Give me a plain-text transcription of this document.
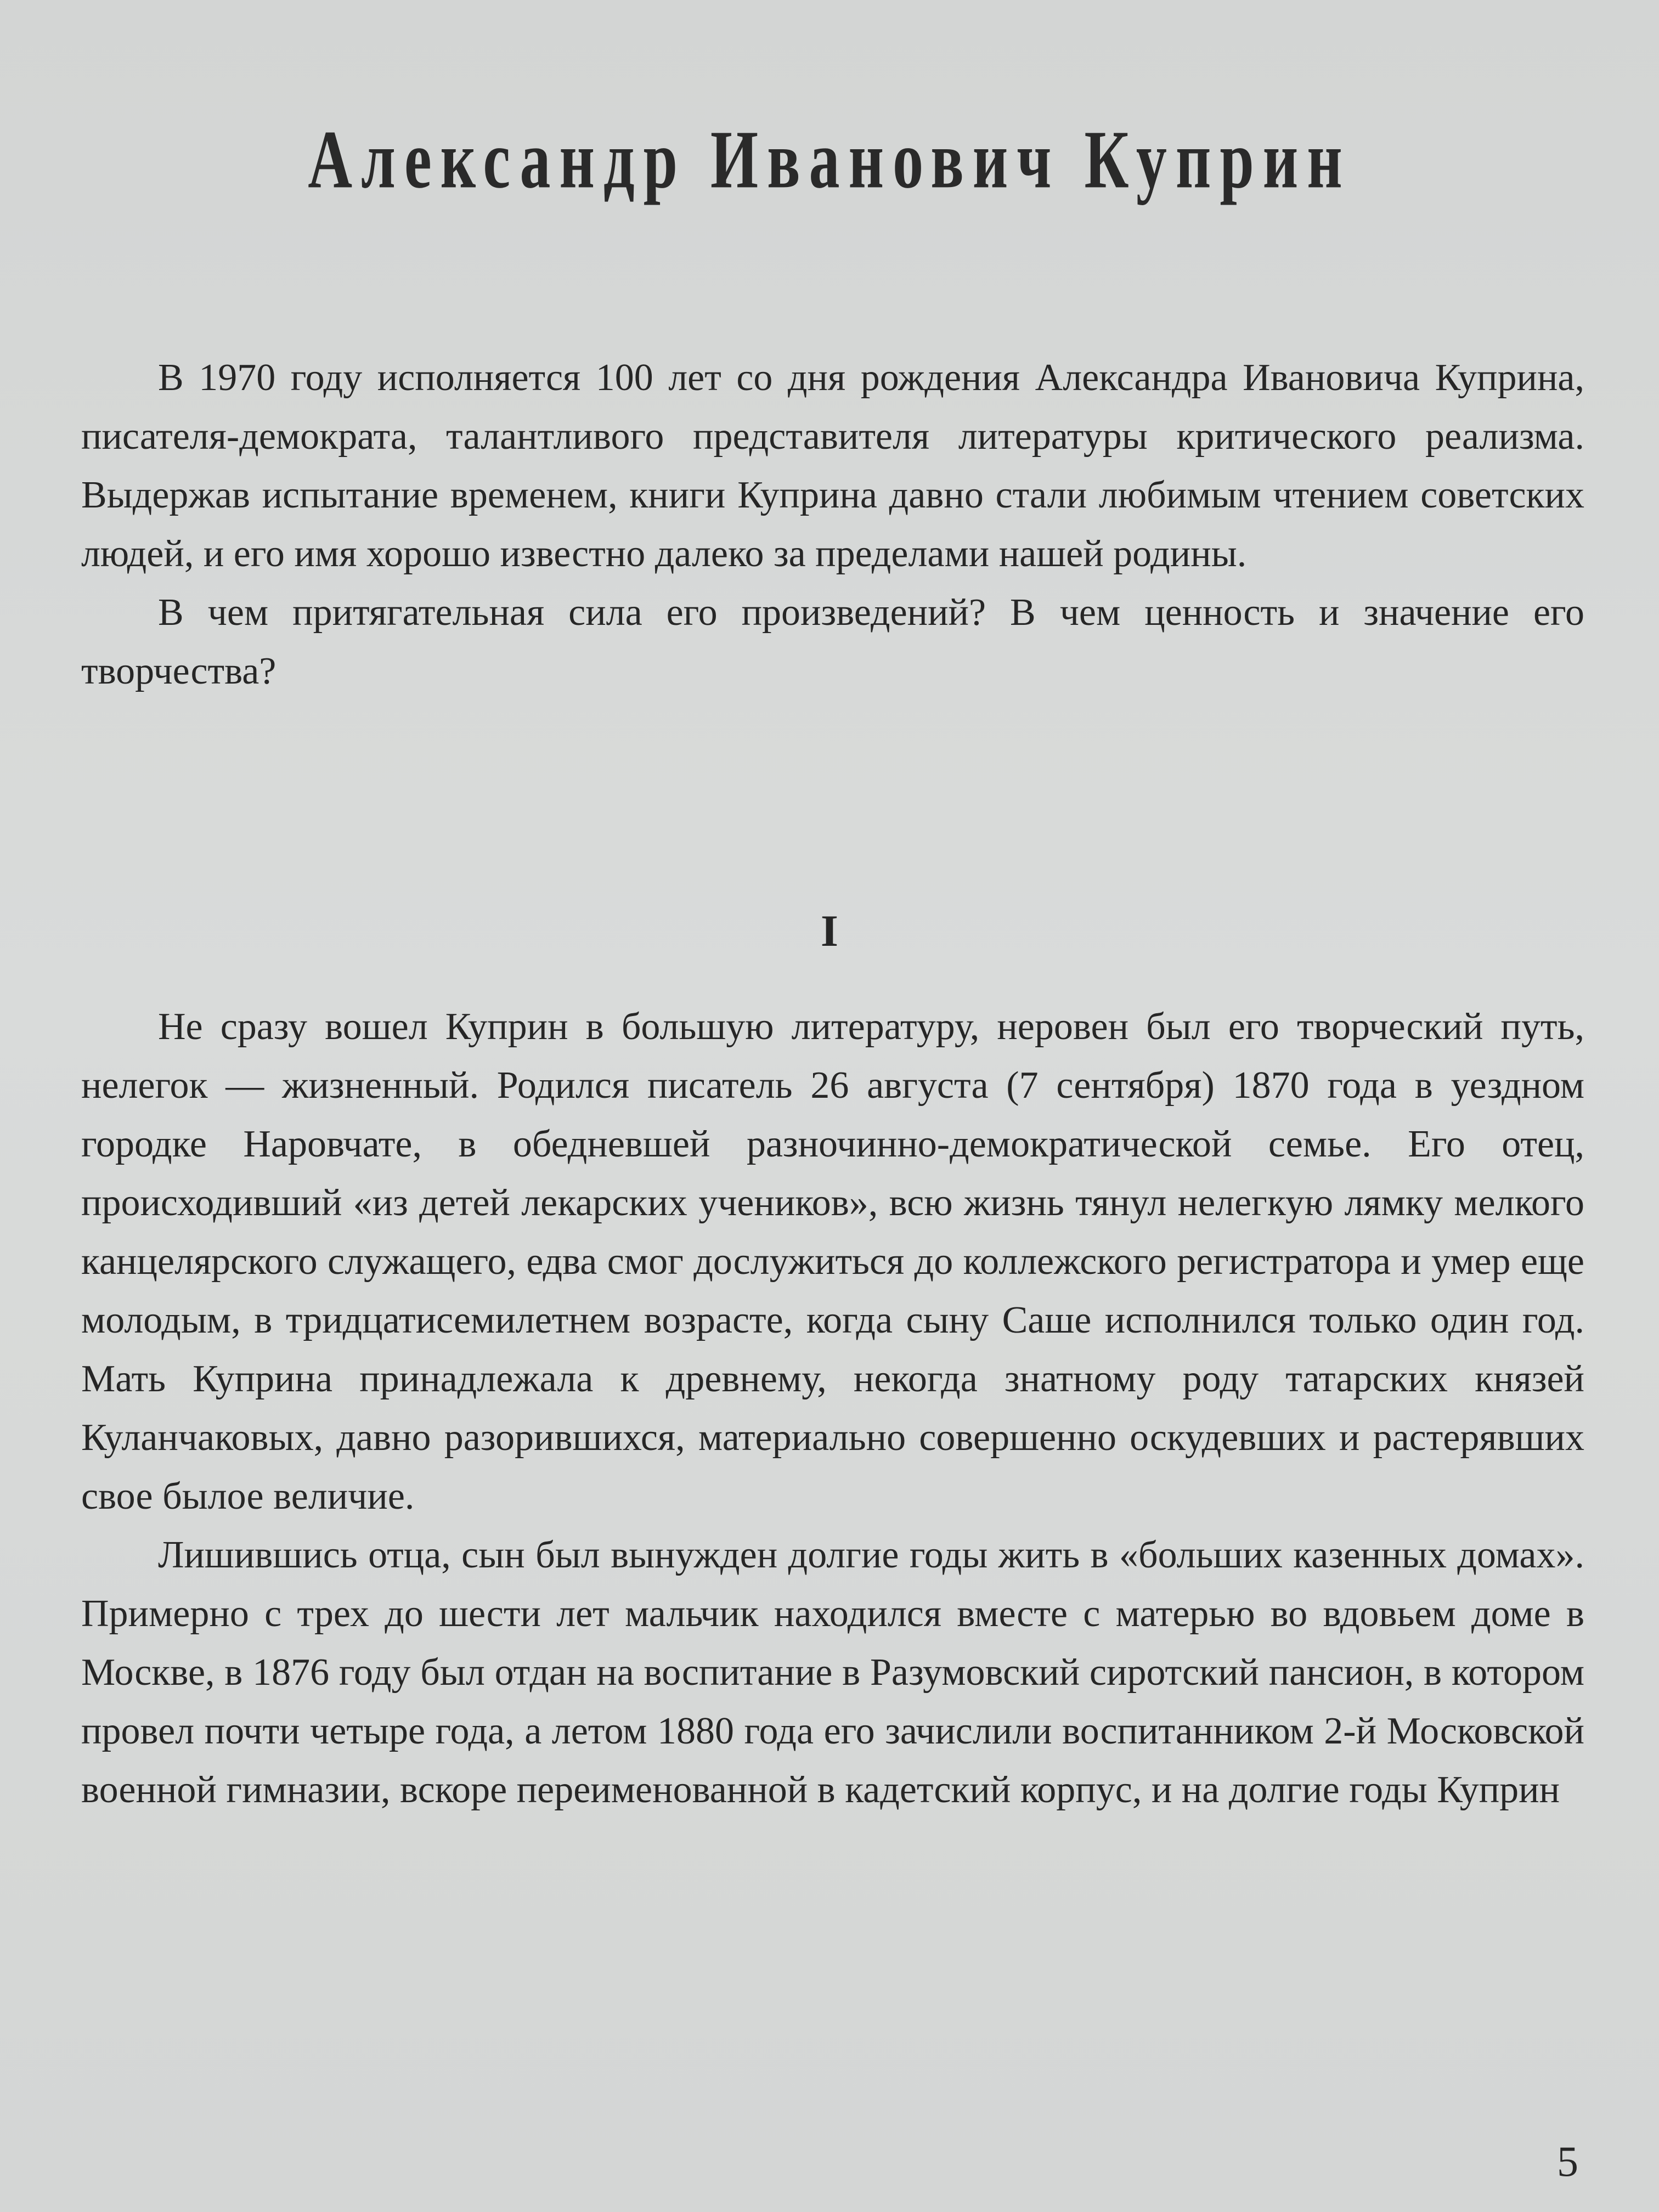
Александр Иванович Куприн

В 1970 году исполняется 100 лет со дня рождения Александра Ивановича Куприна, писателя-демократа, талантливого представителя литературы критического реализма. Выдержав испытание временем, книги Куприна давно стали любимым чтением советских людей, и его имя хорошо известно далеко за пределами нашей родины.

В чем притягательная сила его произведений? В чем ценность и значение его творчества?

I

Не сразу вошел Куприн в большую литературу, неровен был его творческий путь, нелегок — жизненный. Родился писатель 26 августа (7 сентября) 1870 года в уездном городке Наровчате, в обедневшей разночинно-демократической семье. Его отец, происходивший «из детей лекарских учеников», всю жизнь тянул нелегкую лямку мелкого канцелярского служащего, едва смог дослужиться до коллежского регистратора и умер еще молодым, в тридцатисемилетнем возрасте, когда сыну Саше исполнился только один год. Мать Куприна принадлежала к древнему, некогда знатному роду татарских князей Куланчаковых, давно разорившихся, материально совершенно оскудевших и растерявших свое былое величие.

Лишившись отца, сын был вынужден долгие годы жить в «больших казенных домах». Примерно с трех до шести лет мальчик находился вместе с матерью во вдовьем доме в Москве, в 1876 году был отдан на воспитание в Разумовский сиротский пансион, в котором провел почти четыре года, а летом 1880 года его зачислили воспитанником 2-й Московской военной гимназии, вскоре переименованной в кадетский корпус, и на долгие годы Куприн

5
